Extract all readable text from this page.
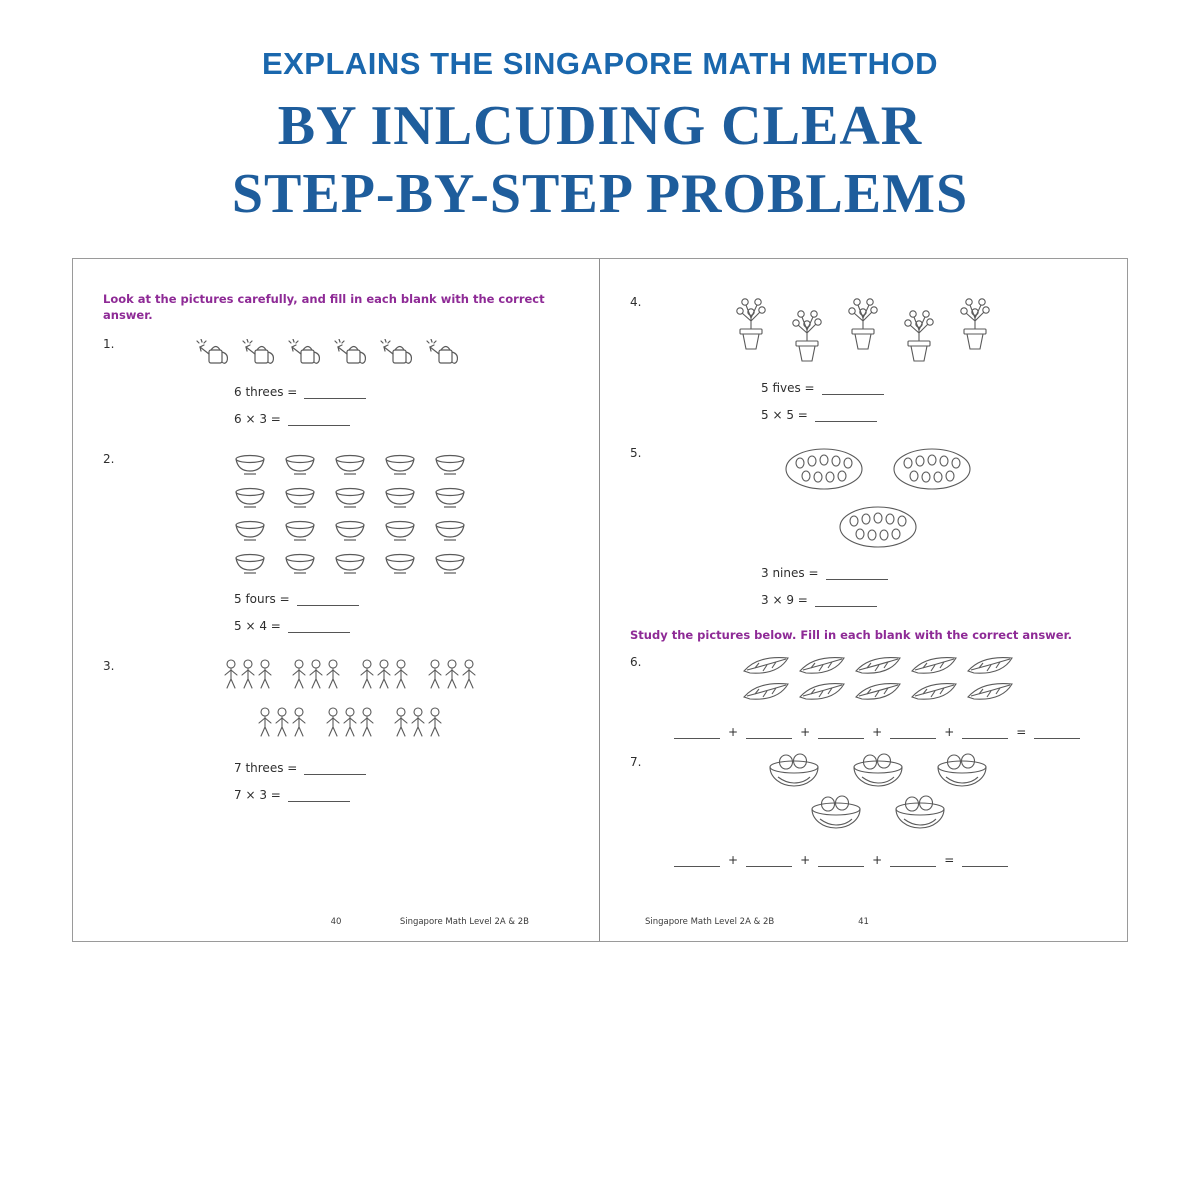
EXPLAINS THE SINGAPORE MATH METHOD
BY INLCUDING CLEAR
STEP-BY-STEP PROBLEMS
Look at the pictures carefully, and fill in each blank with the correct answer.
1.
6 threes =
6 × 3 =
2.
5 fours =
5 × 4 =
3.
7 threes =
7 × 3 =
40	Singapore Math Level 2A & 2B
4.
5 fives =
5 × 5 =
5.
3 nines =
3 × 9 =
Study the pictures below. Fill in each blank with the correct answer.
6.
+	+	+	+	=
7.
+	+	+	=
Singapore Math Level 2A & 2B	41
